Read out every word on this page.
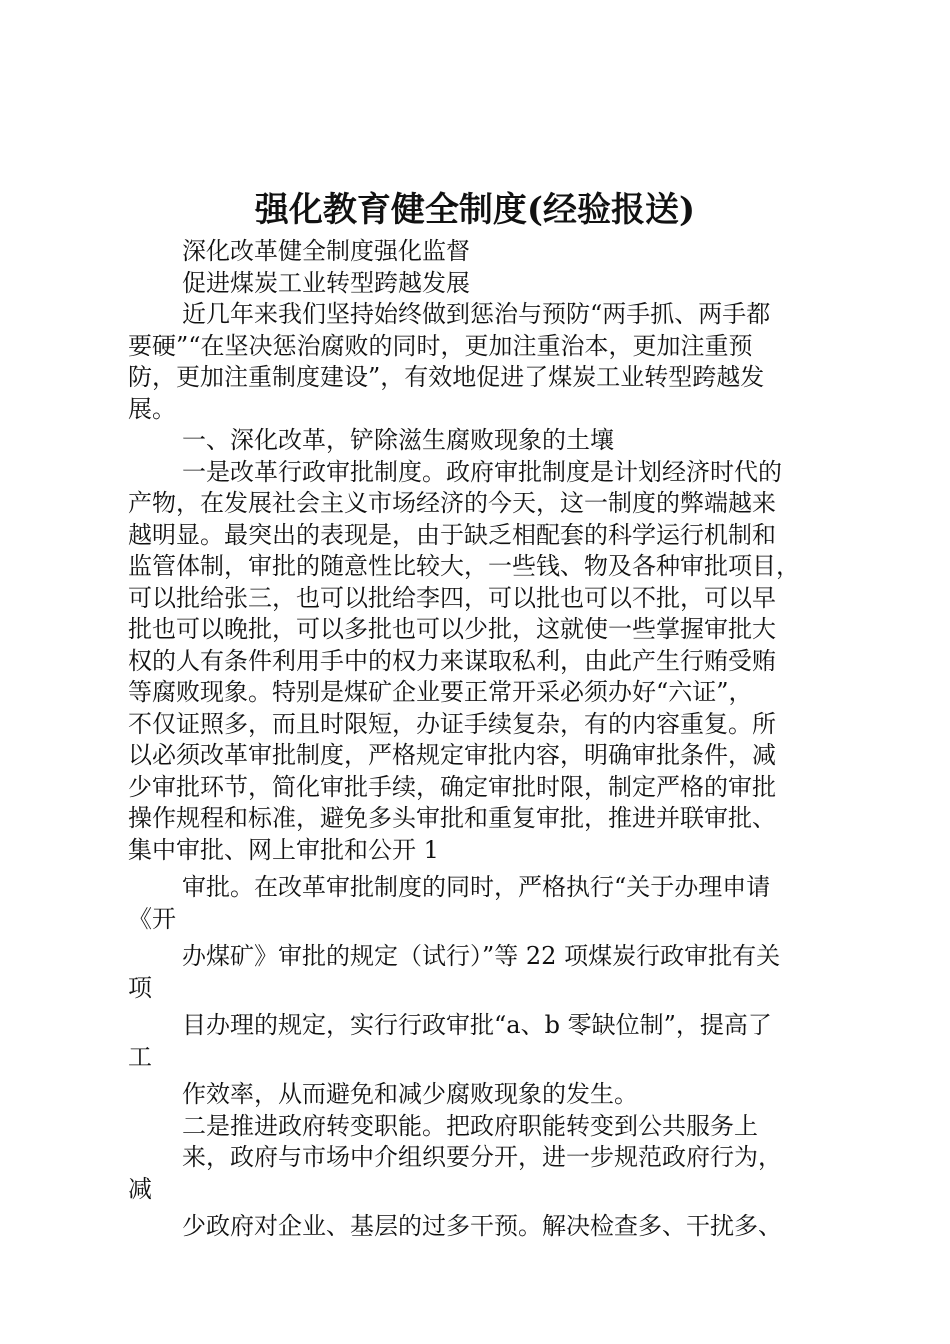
强化教育健全制度(经验报送)
深化改革健全制度强化监督
促进煤炭工业转型跨越发展
近几年来我们坚持始终做到惩治与预防“两手抓、两手都
要硬”“在坚决惩治腐败的同时，更加注重治本，更加注重预
防，更加注重制度建设”，有效地促进了煤炭工业转型跨越发
展。
一、深化改革，铲除滋生腐败现象的土壤
一是改革行政审批制度。政府审批制度是计划经济时代的
产物，在发展社会主义市场经济的今天，这一制度的弊端越来
越明显。最突出的表现是，由于缺乏相配套的科学运行机制和
监管体制，审批的随意性比较大，一些钱、物及各种审批项目，
可以批给张三，也可以批给李四，可以批也可以不批，可以早
批也可以晚批，可以多批也可以少批，这就使一些掌握审批大
权的人有条件利用手中的权力来谋取私利，由此产生行贿受贿
等腐败现象。特别是煤矿企业要正常开采必须办好“六证”，
不仅证照多，而且时限短，办证手续复杂，有的内容重复。所
以必须改革审批制度，严格规定审批内容，明确审批条件，减
少审批环节，简化审批手续，确定审批时限，制定严格的审批
操作规程和标准，避免多头审批和重复审批，推进并联审批、
集中审批、网上审批和公开 1
审批。在改革审批制度的同时，严格执行“关于办理申请
《开
办煤矿》审批的规定（试行）”等 22 项煤炭行政审批有关
项
目办理的规定，实行行政审批“a、b 零缺位制”，提高了
工
作效率，从而避免和减少腐败现象的发生。
二是推进政府转变职能。把政府职能转变到公共服务上
来，政府与市场中介组织要分开，进一步规范政府行为，
减
少政府对企业、基层的过多干预。解决检查多、干扰多、
